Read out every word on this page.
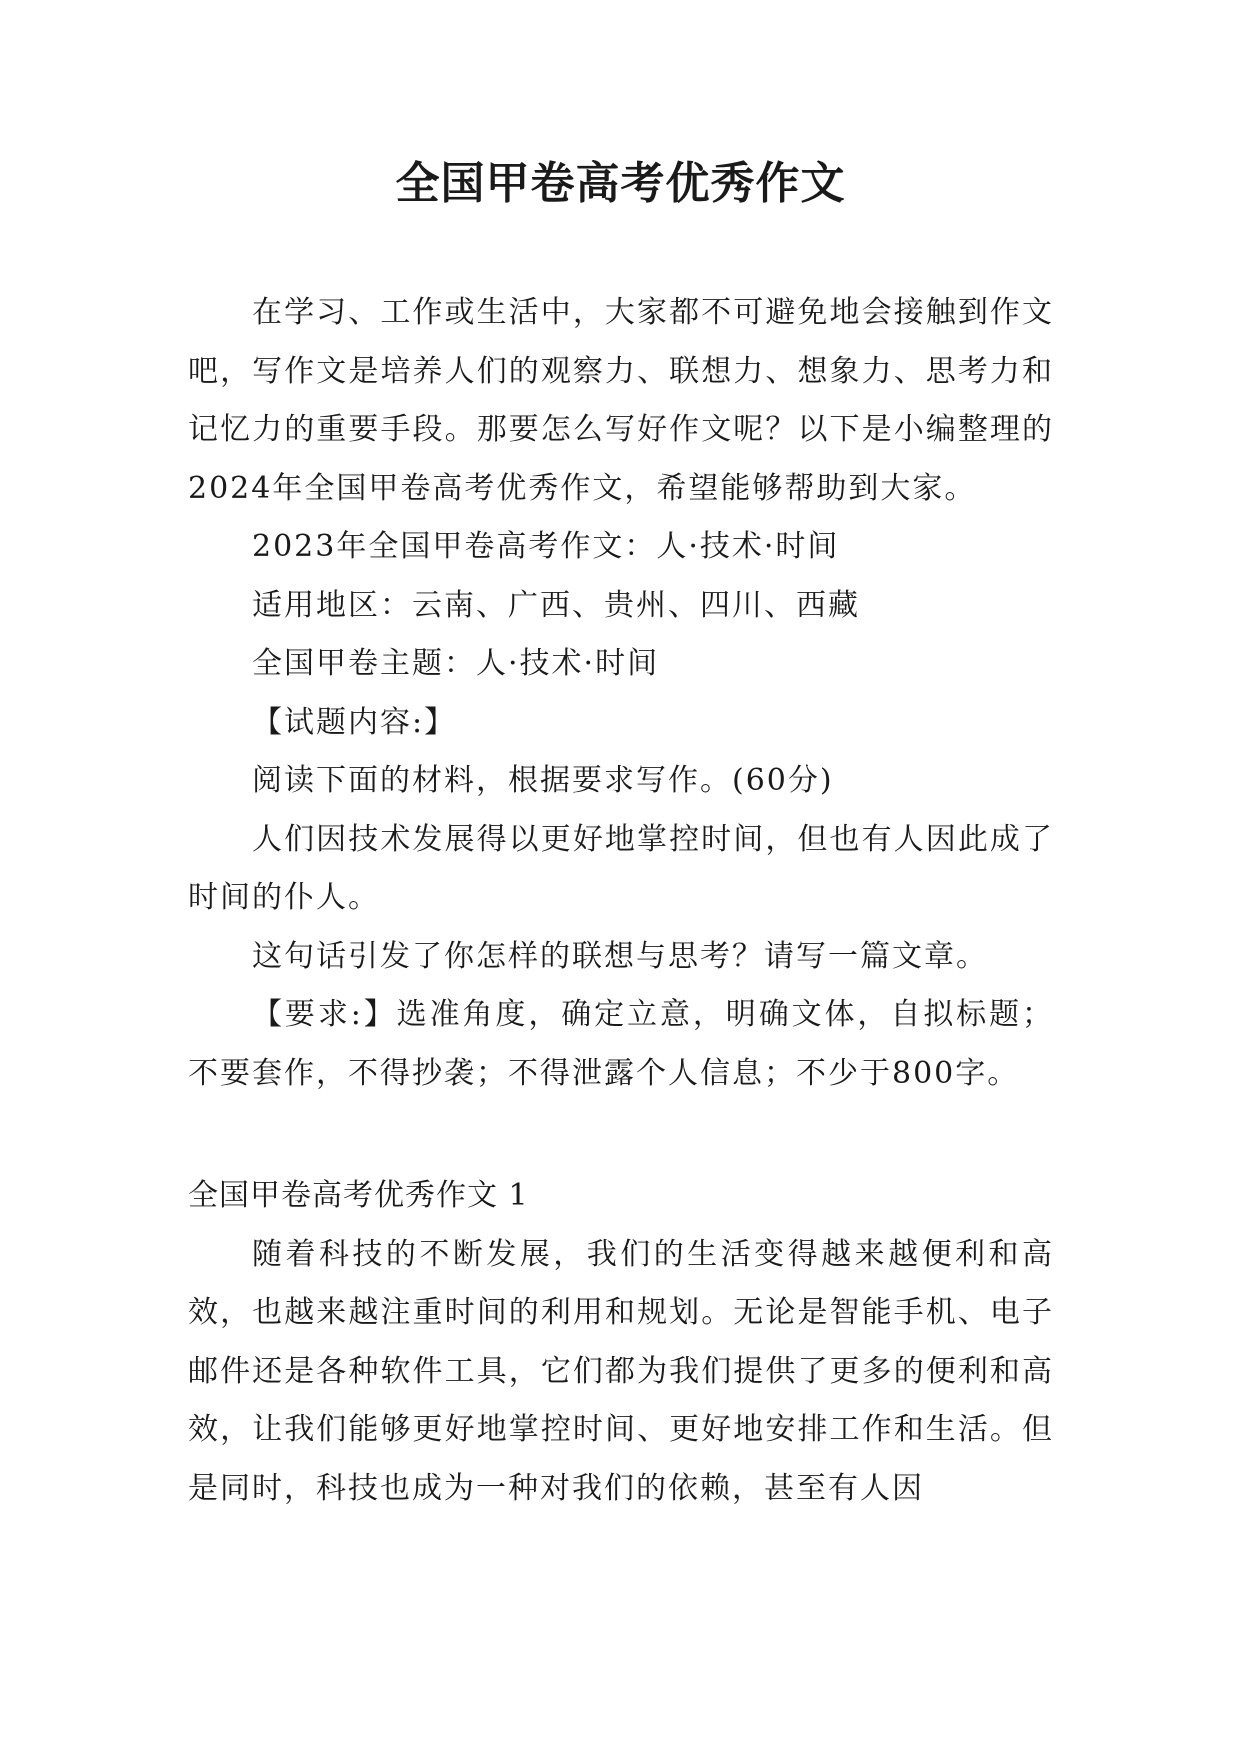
全国甲卷高考优秀作文

在学习、工作或生活中，大家都不可避免地会接触到作文吧，写作文是培养人们的观察力、联想力、想象力、思考力和记忆力的重要手段。那要怎么写好作文呢？以下是小编整理的2024年全国甲卷高考优秀作文，希望能够帮助到大家。

2023年全国甲卷高考作文：人·技术·时间

适用地区：云南、广西、贵州、四川、西藏

全国甲卷主题：人·技术·时间

【试题内容:】

阅读下面的材料，根据要求写作。(60分)

人们因技术发展得以更好地掌控时间，但也有人因此成了时间的仆人。

这句话引发了你怎样的联想与思考？请写一篇文章。

【要求:】选准角度，确定立意，明确文体，自拟标题；不要套作，不得抄袭；不得泄露个人信息；不少于800字。

全国甲卷高考优秀作文 1

随着科技的不断发展，我们的生活变得越来越便利和高效，也越来越注重时间的利用和规划。无论是智能手机、电子邮件还是各种软件工具，它们都为我们提供了更多的便利和高效，让我们能够更好地掌控时间、更好地安排工作和生活。但是同时，科技也成为一种对我们的依赖，甚至有人因
